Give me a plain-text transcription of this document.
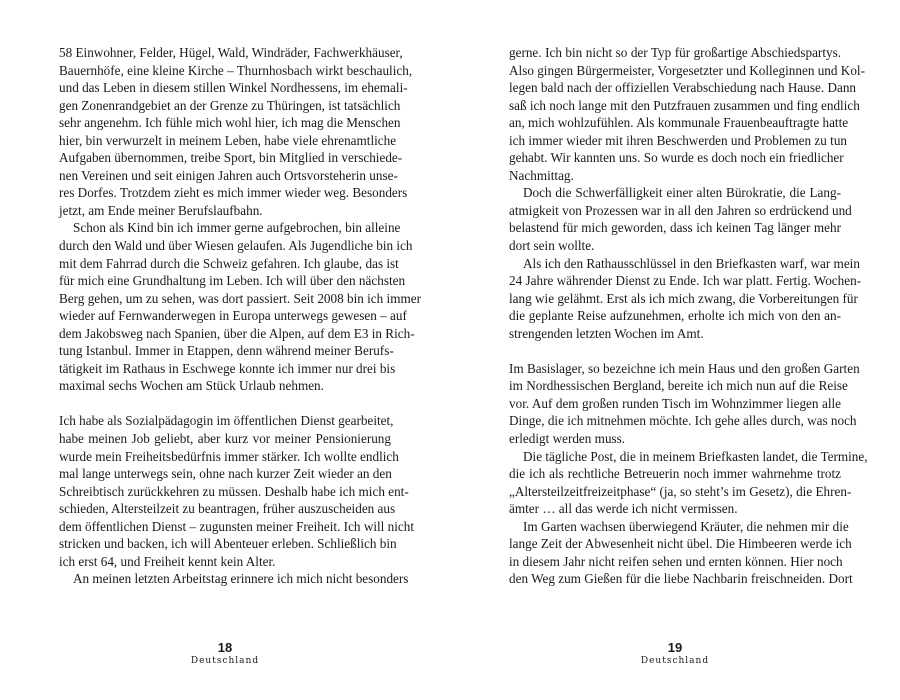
58 Einwohner, Felder, Hügel, Wald, Windräder, Fachwerkhäuser,
Bauernhöfe, eine kleine Kirche – Thurnhosbach wirkt beschaulich,
und das Leben in diesem stillen Winkel Nordhessens, im ehemali-
gen Zonenrandgebiet an der Grenze zu Thüringen, ist tatsächlich
sehr angenehm. Ich fühle mich wohl hier, ich mag die Menschen
hier, bin verwurzelt in meinem Leben, habe viele ehrenamtliche
Aufgaben übernommen, treibe Sport, bin Mitglied in verschiede-
nen Vereinen und seit einigen Jahren auch Ortsvorsteherin unse-
res Dorfes. Trotzdem zieht es mich immer wieder weg. Besonders
jetzt, am Ende meiner Berufslaufbahn.
Schon als Kind bin ich immer gerne aufgebrochen, bin alleine
durch den Wald und über Wiesen gelaufen. Als Jugendliche bin ich
mit dem Fahrrad durch die Schweiz gefahren. Ich glaube, das ist
für mich eine Grundhaltung im Leben. Ich will über den nächsten
Berg gehen, um zu sehen, was dort passiert. Seit 2008 bin ich immer
wieder auf Fernwanderwegen in Europa unterwegs gewesen – auf
dem Jakobsweg nach Spanien, über die Alpen, auf dem E3 in Rich-
tung Istanbul. Immer in Etappen, denn während meiner Berufs-
tätigkeit im Rathaus in Eschwege konnte ich immer nur drei bis
maximal sechs Wochen am Stück Urlaub nehmen.
Ich habe als Sozialpädagogin im öffentlichen Dienst gearbeitet,
habe meinen Job geliebt, aber kurz vor meiner Pensionierung
wurde mein Freiheitsbedürfnis immer stärker. Ich wollte endlich
mal lange unterwegs sein, ohne nach kurzer Zeit wieder an den
Schreibtisch zurückkehren zu müssen. Deshalb habe ich mich ent-
schieden, Altersteilzeit zu beantragen, früher auszuscheiden aus
dem öffentlichen Dienst – zugunsten meiner Freiheit. Ich will nicht
stricken und backen, ich will Abenteuer erleben. Schließlich bin
ich erst 64, und Freiheit kennt kein Alter.
An meinen letzten Arbeitstag erinnere ich mich nicht besonders
18
Deutschland
gerne. Ich bin nicht so der Typ für großartige Abschiedspartys.
Also gingen Bürgermeister, Vorgesetzter und Kolleginnen und Kol-
legen bald nach der offiziellen Verabschiedung nach Hause. Dann
saß ich noch lange mit den Putzfrauen zusammen und fing endlich
an, mich wohlzufühlen. Als kommunale Frauenbeauftragte hatte
ich immer wieder mit ihren Beschwerden und Problemen zu tun
gehabt. Wir kannten uns. So wurde es doch noch ein friedlicher
Nachmittag.
Doch die Schwerfälligkeit einer alten Bürokratie, die Lang-
atmigkeit von Prozessen war in all den Jahren so erdrückend und
belastend für mich geworden, dass ich keinen Tag länger mehr
dort sein wollte.
Als ich den Rathausschlüssel in den Briefkasten warf, war mein
24 Jahre währender Dienst zu Ende. Ich war platt. Fertig. Wochen-
lang wie gelähmt. Erst als ich mich zwang, die Vorbereitungen für
die geplante Reise aufzunehmen, erholte ich mich von den an-
strengenden letzten Wochen im Amt.
Im Basislager, so bezeichne ich mein Haus und den großen Garten
im Nordhessischen Bergland, bereite ich mich nun auf die Reise
vor. Auf dem großen runden Tisch im Wohnzimmer liegen alle
Dinge, die ich mitnehmen möchte. Ich gehe alles durch, was noch
erledigt werden muss.
Die tägliche Post, die in meinem Briefkasten landet, die Termine,
die ich als rechtliche Betreuerin noch immer wahrnehme trotz
„Altersteilzeitfreizeitphase“ (ja, so steht’s im Gesetz), die Ehren-
ämter … all das werde ich nicht vermissen.
Im Garten wachsen überwiegend Kräuter, die nehmen mir die
lange Zeit der Abwesenheit nicht übel. Die Himbeeren werde ich
in diesem Jahr nicht reifen sehen und ernten können. Hier noch
den Weg zum Gießen für die liebe Nachbarin freischneiden. Dort
19
Deutschland
